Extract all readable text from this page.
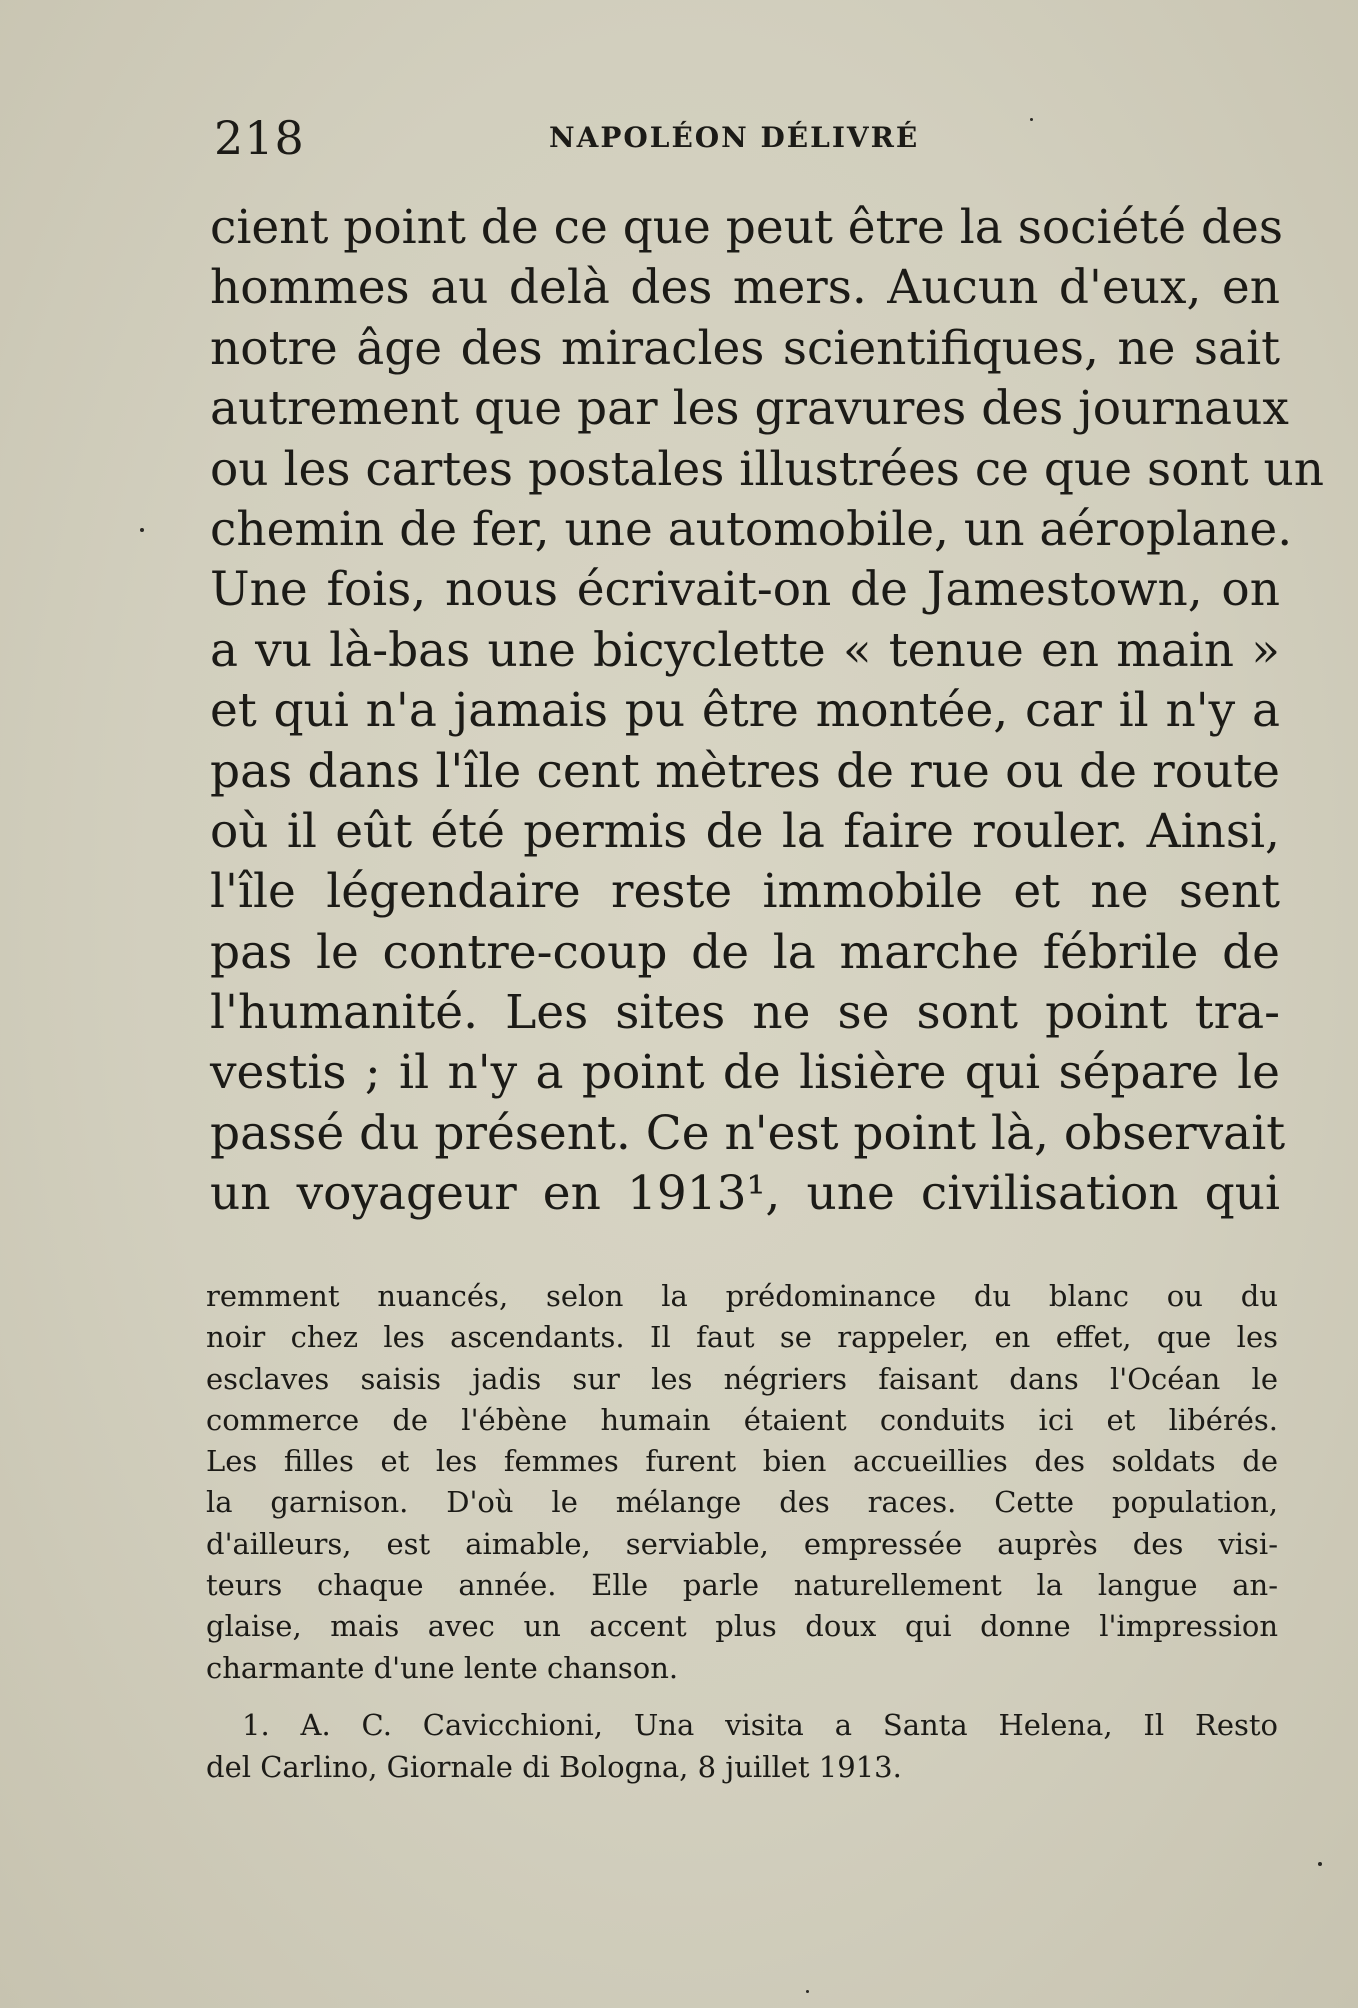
218	NAPOLÉON DÉLIVRÉ
cient point de ce que peut être la société des
hommes au delà des mers. Aucun d'eux, en
notre âge des miracles scientifiques, ne sait
autrement que par les gravures des journaux
ou les cartes postales illustrées ce que sont un
chemin de fer, une automobile, un aéroplane.
Une fois, nous écrivait-on de Jamestown, on
a vu là-bas une bicyclette « tenue en main »
et qui n'a jamais pu être montée, car il n'y a
pas dans l'île cent mètres de rue ou de route
où il eût été permis de la faire rouler. Ainsi,
l'île légendaire reste immobile et ne sent
pas le contre-coup de la marche fébrile de
l'humanité. Les sites ne se sont point tra-
vestis ; il n'y a point de lisière qui sépare le
passé du présent. Ce n'est point là, observait
un voyageur en 1913¹, une civilisation qui
remment nuancés, selon la prédominance du blanc ou du
noir chez les ascendants. Il faut se rappeler, en effet, que les
esclaves saisis jadis sur les négriers faisant dans l'Océan le
commerce de l'ébène humain étaient conduits ici et libérés.
Les filles et les femmes furent bien accueillies des soldats de
la garnison. D'où le mélange des races. Cette population,
d'ailleurs, est aimable, serviable, empressée auprès des visi-
teurs chaque année. Elle parle naturellement la langue an-
glaise, mais avec un accent plus doux qui donne l'impression
charmante d'une lente chanson.
1. A. C. Cavicchioni, Una visita a Santa Helena, Il Resto
del Carlino, Giornale di Bologna, 8 juillet 1913.
